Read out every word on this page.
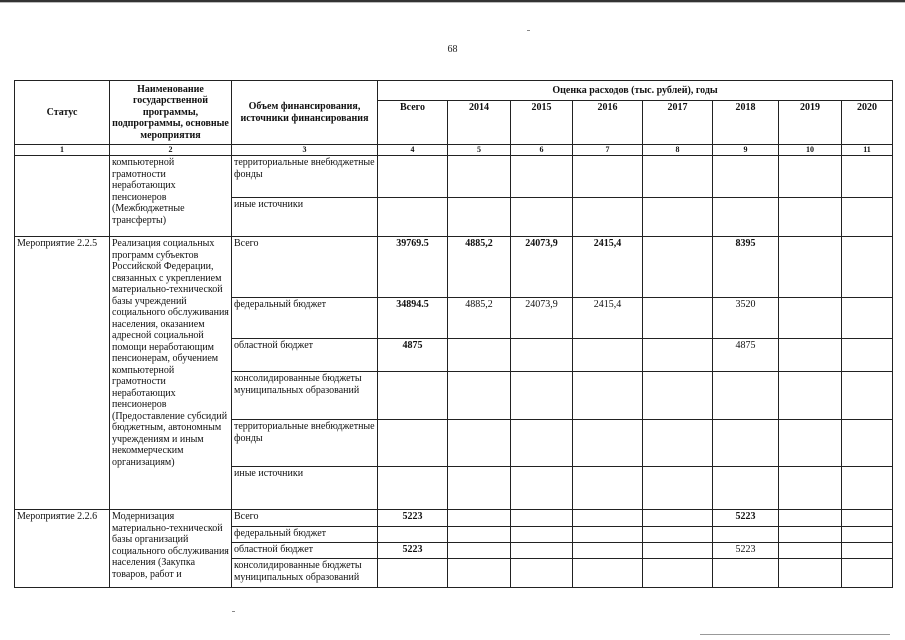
68
Статус	Наименование государственной программы, подпрограммы, основные мероприятия	Объем финансирования, источники финансирования	Оценка расходов (тыс. рублей), годы							
			Всего	2014	2015	2016	2017	2018	2019	2020
1	2	3	4	5	6	7	8	9	10	11
	компьютерной грамотности неработающих пенсионеров (Межбюджетные трансферты)	территориальные внебюджетные фонды								
		иные источники								
Мероприятие 2.2.5	Реализация социальных программ субъектов Российской Федерации, связанных с укреплением материально-технической базы учреждений социального обслуживания населения, оказанием адресной социальной помощи неработающим пенсионерам, обучением компьютерной грамотности неработающих пенсионеров (Предоставление субсидий бюджетным, автономным учреждениям и иным некоммерческим организациям)	Всего	39769.5	4885,2	24073,9	2415,4		8395		
		федеральный бюджет	34894.5	4885,2	24073,9	2415,4		3520		
		областной бюджет	4875					4875		
		консолидированные бюджеты муниципальных образований								
		территориальные внебюджетные фонды								
		иные источники								
Мероприятие 2.2.6	Модернизация материально-технической базы организаций социального обслуживания населения (Закупка товаров, работ и	Всего	5223					5223		
		федеральный бюджет								
		областной бюджет	5223					5223		
		консолидированные бюджеты муниципальных образований								
